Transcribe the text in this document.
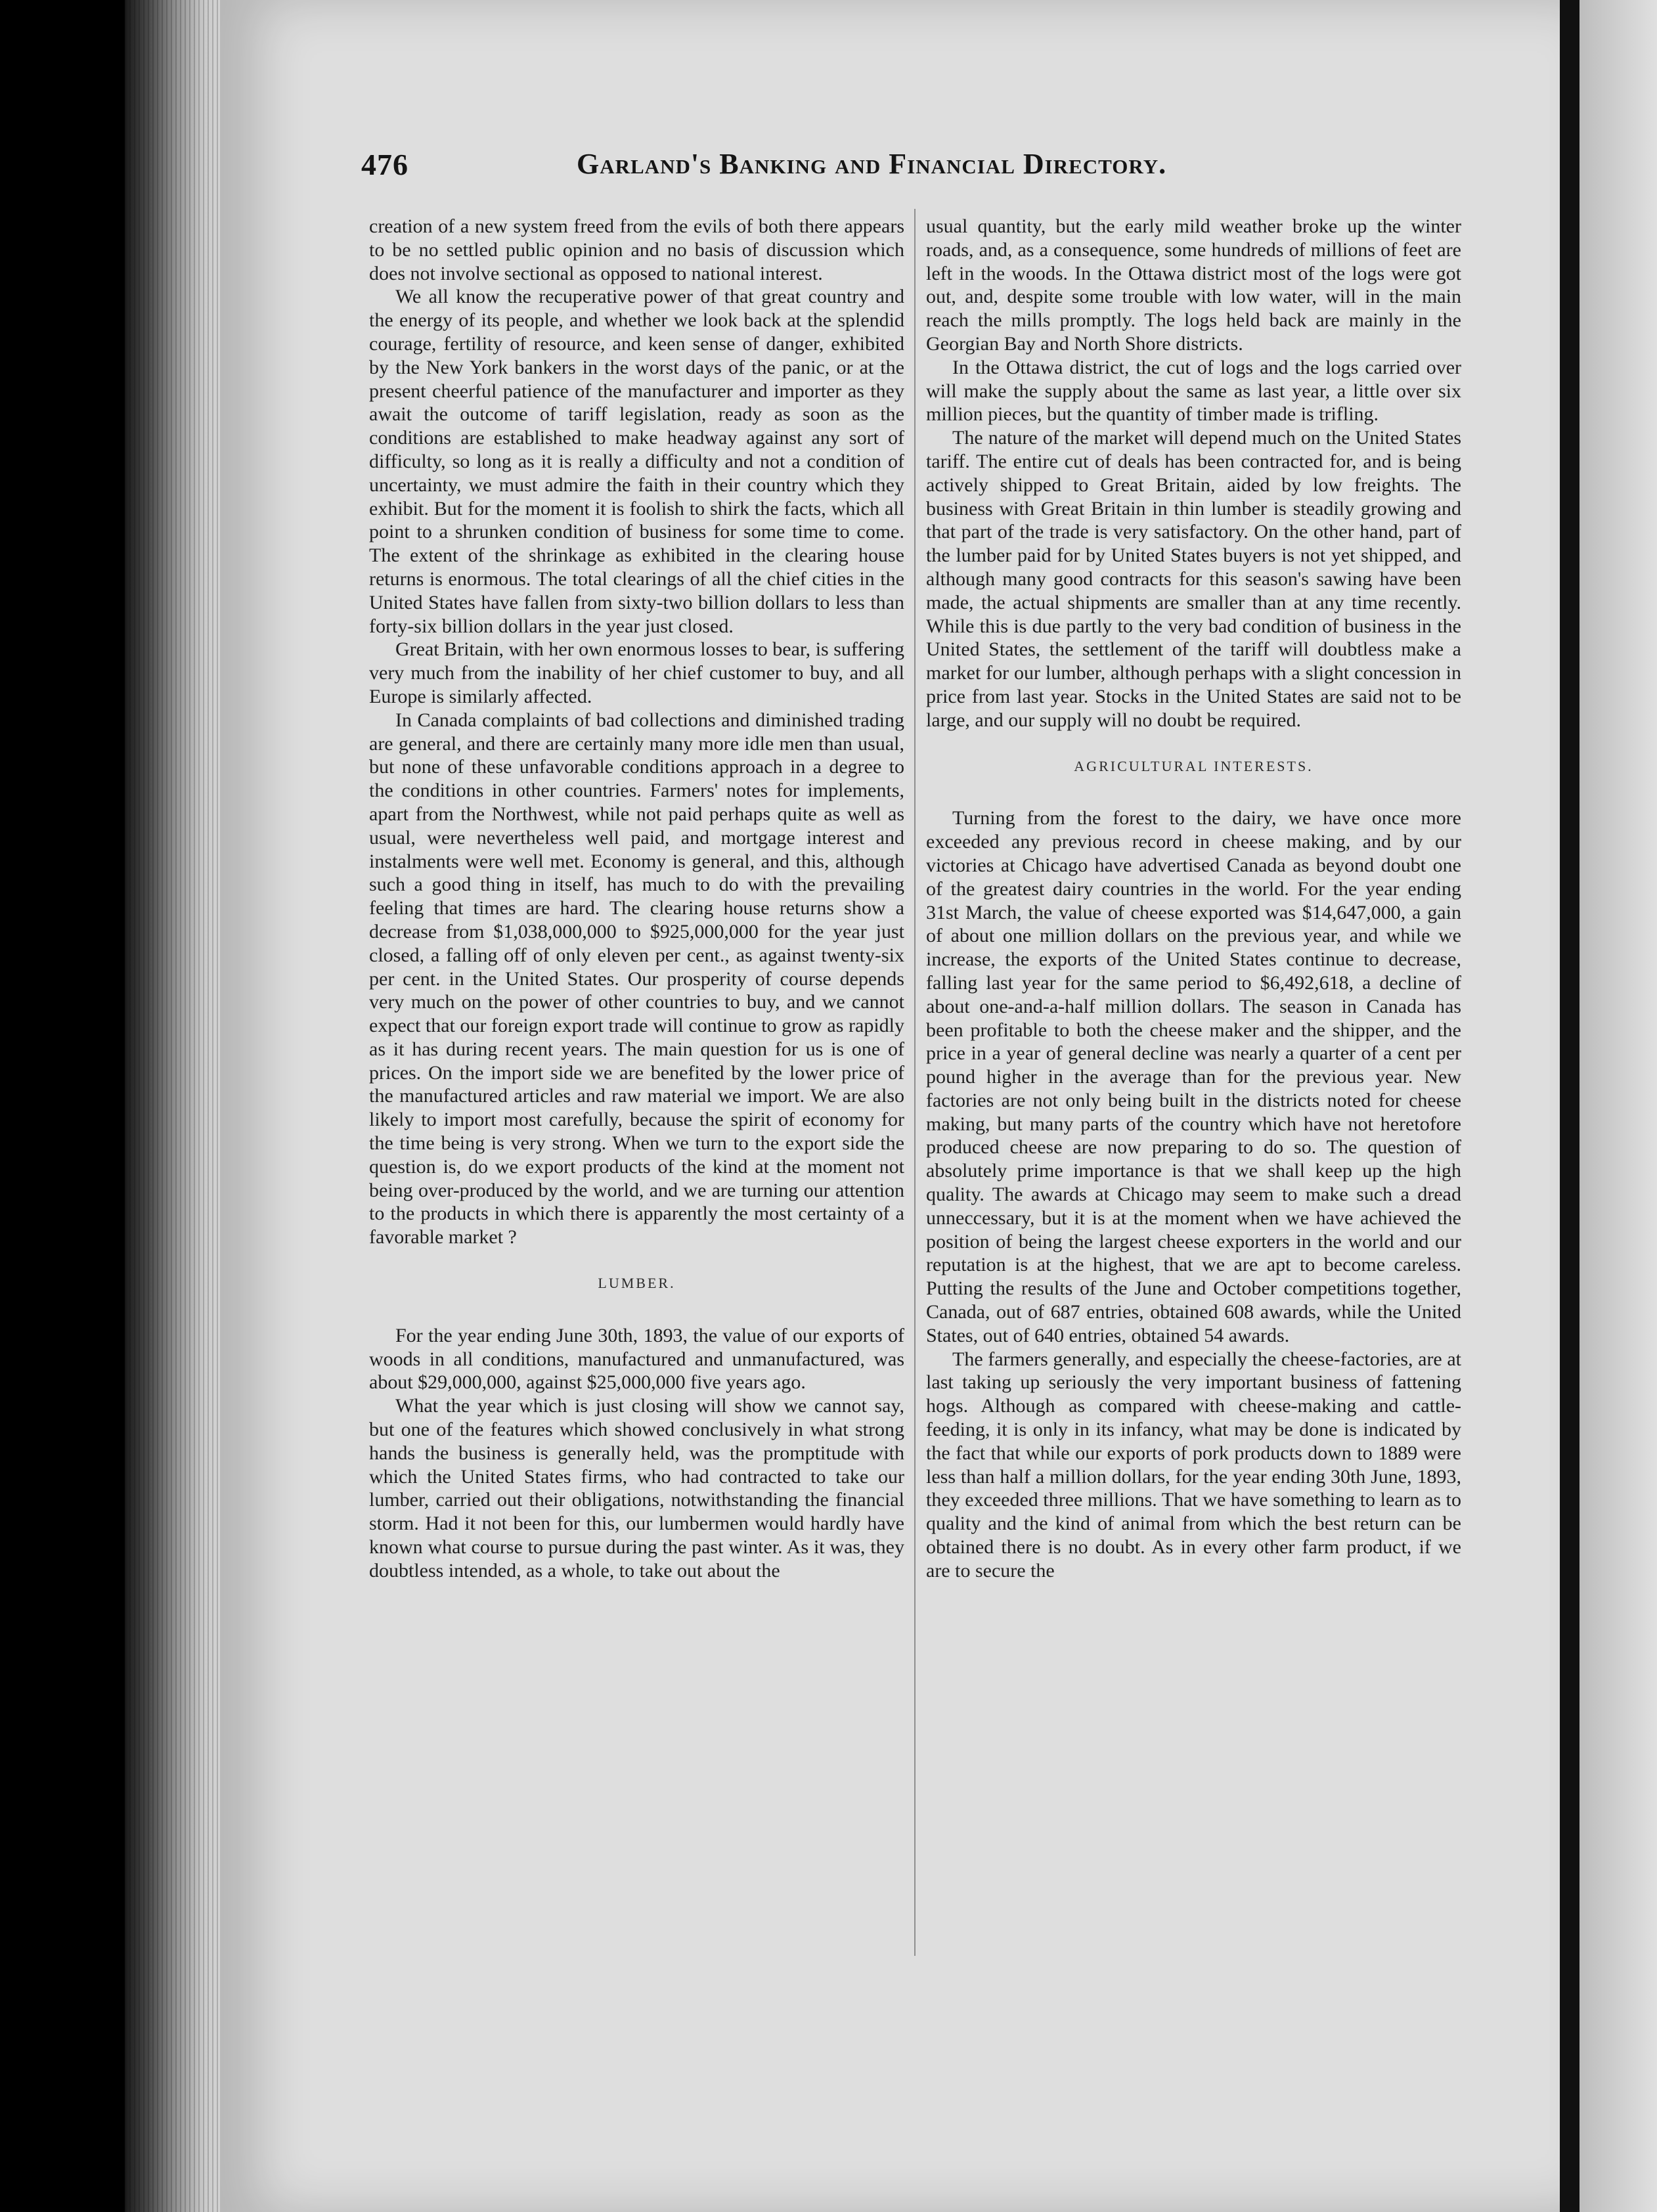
476	Garland's Banking and Financial Directory.

creation of a new system freed from the evils of both there appears to be no settled public opinion and no basis of discussion which does not involve sectional as opposed to national interest.

We all know the recuperative power of that great country and the energy of its people, and whether we look back at the splendid courage, fertility of resource, and keen sense of danger, exhibited by the New York bankers in the worst days of the panic, or at the present cheerful patience of the manufacturer and importer as they await the outcome of tariff legislation, ready as soon as the conditions are established to make headway against any sort of difficulty, so long as it is really a difficulty and not a condition of uncertainty, we must admire the faith in their country which they exhibit. But for the moment it is foolish to shirk the facts, which all point to a shrunken condition of business for some time to come. The extent of the shrinkage as exhibited in the clearing house returns is enormous. The total clearings of all the chief cities in the United States have fallen from sixty-two billion dollars to less than forty-six billion dollars in the year just closed.

Great Britain, with her own enormous losses to bear, is suffering very much from the inability of her chief customer to buy, and all Europe is similarly affected.

In Canada complaints of bad collections and diminished trading are general, and there are certainly many more idle men than usual, but none of these unfavorable conditions approach in a degree to the conditions in other countries. Farmers' notes for implements, apart from the Northwest, while not paid perhaps quite as well as usual, were nevertheless well paid, and mortgage interest and instalments were well met. Economy is general, and this, although such a good thing in itself, has much to do with the prevailing feeling that times are hard. The clearing house returns show a decrease from $1,038,000,000 to $925,000,000 for the year just closed, a falling off of only eleven per cent., as against twenty-six per cent. in the United States. Our prosperity of course depends very much on the power of other countries to buy, and we cannot expect that our foreign export trade will continue to grow as rapidly as it has during recent years. The main question for us is one of prices. On the import side we are benefited by the lower price of the manufactured articles and raw material we import. We are also likely to import most carefully, because the spirit of economy for the time being is very strong. When we turn to the export side the question is, do we export products of the kind at the moment not being over-produced by the world, and we are turning our attention to the products in which there is apparently the most certainty of a favorable market ?

LUMBER.

For the year ending June 30th, 1893, the value of our exports of woods in all conditions, manufactured and unmanufactured, was about $29,000,000, against $25,000,000 five years ago.

What the year which is just closing will show we cannot say, but one of the features which showed conclusively in what strong hands the business is generally held, was the promptitude with which the United States firms, who had contracted to take our lumber, carried out their obligations, notwithstanding the financial storm. Had it not been for this, our lumbermen would hardly have known what course to pursue during the past winter. As it was, they doubtless intended, as a whole, to take out about the

usual quantity, but the early mild weather broke up the winter roads, and, as a consequence, some hundreds of millions of feet are left in the woods. In the Ottawa district most of the logs were got out, and, despite some trouble with low water, will in the main reach the mills promptly. The logs held back are mainly in the Georgian Bay and North Shore districts.

In the Ottawa district, the cut of logs and the logs carried over will make the supply about the same as last year, a little over six million pieces, but the quantity of timber made is trifling.

The nature of the market will depend much on the United States tariff. The entire cut of deals has been contracted for, and is being actively shipped to Great Britain, aided by low freights. The business with Great Britain in thin lumber is steadily growing and that part of the trade is very satisfactory. On the other hand, part of the lumber paid for by United States buyers is not yet shipped, and although many good contracts for this season's sawing have been made, the actual shipments are smaller than at any time recently. While this is due partly to the very bad condition of business in the United States, the settlement of the tariff will doubtless make a market for our lumber, although perhaps with a slight concession in price from last year. Stocks in the United States are said not to be large, and our supply will no doubt be required.

AGRICULTURAL INTERESTS.

Turning from the forest to the dairy, we have once more exceeded any previous record in cheese making, and by our victories at Chicago have advertised Canada as beyond doubt one of the greatest dairy countries in the world. For the year ending 31st March, the value of cheese exported was $14,647,000, a gain of about one million dollars on the previous year, and while we increase, the exports of the United States continue to decrease, falling last year for the same period to $6,492,618, a decline of about one-and-a-half million dollars. The season in Canada has been profitable to both the cheese maker and the shipper, and the price in a year of general decline was nearly a quarter of a cent per pound higher in the average than for the previous year. New factories are not only being built in the districts noted for cheese making, but many parts of the country which have not heretofore produced cheese are now preparing to do so. The question of absolutely prime importance is that we shall keep up the high quality. The awards at Chicago may seem to make such a dread unneccessary, but it is at the moment when we have achieved the position of being the largest cheese exporters in the world and our reputation is at the highest, that we are apt to become careless. Putting the results of the June and October competitions together, Canada, out of 687 entries, obtained 608 awards, while the United States, out of 640 entries, obtained 54 awards.

The farmers generally, and especially the cheese-factories, are at last taking up seriously the very important business of fattening hogs. Although as compared with cheese-making and cattle-feeding, it is only in its infancy, what may be done is indicated by the fact that while our exports of pork products down to 1889 were less than half a million dollars, for the year ending 30th June, 1893, they exceeded three millions. That we have something to learn as to quality and the kind of animal from which the best return can be obtained there is no doubt. As in every other farm product, if we are to secure the
